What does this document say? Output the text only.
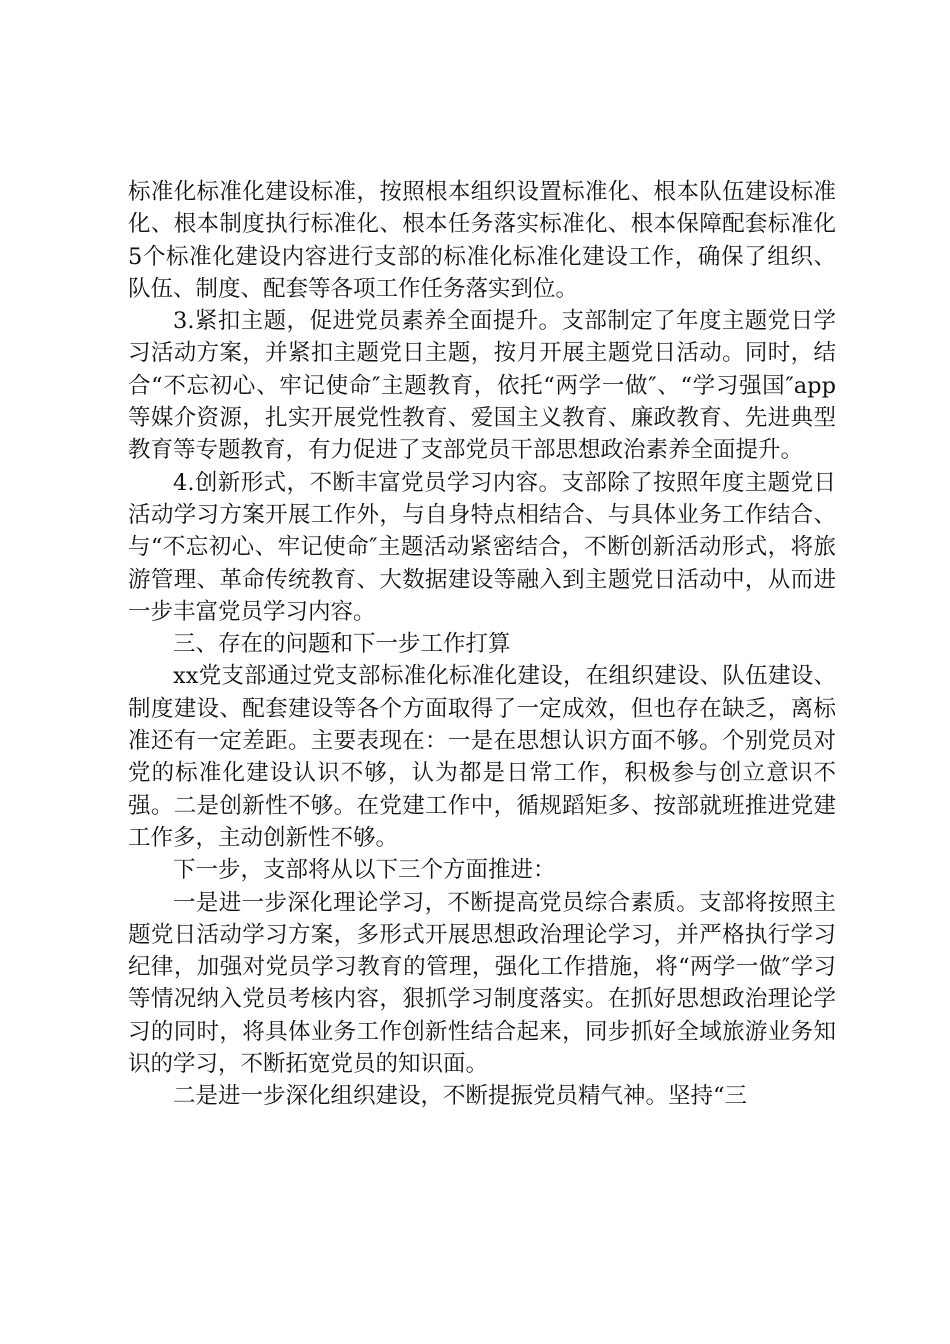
标准化标准化建设标准，按照根本组织设置标准化、根本队伍建设标准化、根本制度执行标准化、根本任务落实标准化、根本保障配套标准化5个标准化建设内容进行支部的标准化标准化建设工作，确保了组织、队伍、制度、配套等各项工作任务落实到位。

3.紧扣主题，促进党员素养全面提升。支部制定了年度主题党日学习活动方案，并紧扣主题党日主题，按月开展主题党日活动。同时，结合“不忘初心、牢记使命″主题教育，依托“两学一做″、“学习强国″app等媒介资源，扎实开展党性教育、爱国主义教育、廉政教育、先进典型教育等专题教育，有力促进了支部党员干部思想政治素养全面提升。

4.创新形式，不断丰富党员学习内容。支部除了按照年度主题党日活动学习方案开展工作外，与自身特点相结合、与具体业务工作结合、与“不忘初心、牢记使命″主题活动紧密结合，不断创新活动形式，将旅游管理、革命传统教育、大数据建设等融入到主题党日活动中，从而进一步丰富党员学习内容。

三、存在的问题和下一步工作打算

xx党支部通过党支部标准化标准化建设，在组织建设、队伍建设、制度建设、配套建设等各个方面取得了一定成效，但也存在缺乏，离标准还有一定差距。主要表现在：一是在思想认识方面不够。个别党员对党的标准化建设认识不够，认为都是日常工作，积极参与创立意识不强。二是创新性不够。在党建工作中，循规蹈矩多、按部就班推进党建工作多，主动创新性不够。

下一步，支部将从以下三个方面推进：

一是进一步深化理论学习，不断提高党员综合素质。支部将按照主题党日活动学习方案，多形式开展思想政治理论学习，并严格执行学习纪律，加强对党员学习教育的管理，强化工作措施，将“两学一做″学习等情况纳入党员考核内容，狠抓学习制度落实。在抓好思想政治理论学习的同时，将具体业务工作创新性结合起来，同步抓好全域旅游业务知识的学习，不断拓宽党员的知识面。

二是进一步深化组织建设，不断提振党员精气神。坚持“三
